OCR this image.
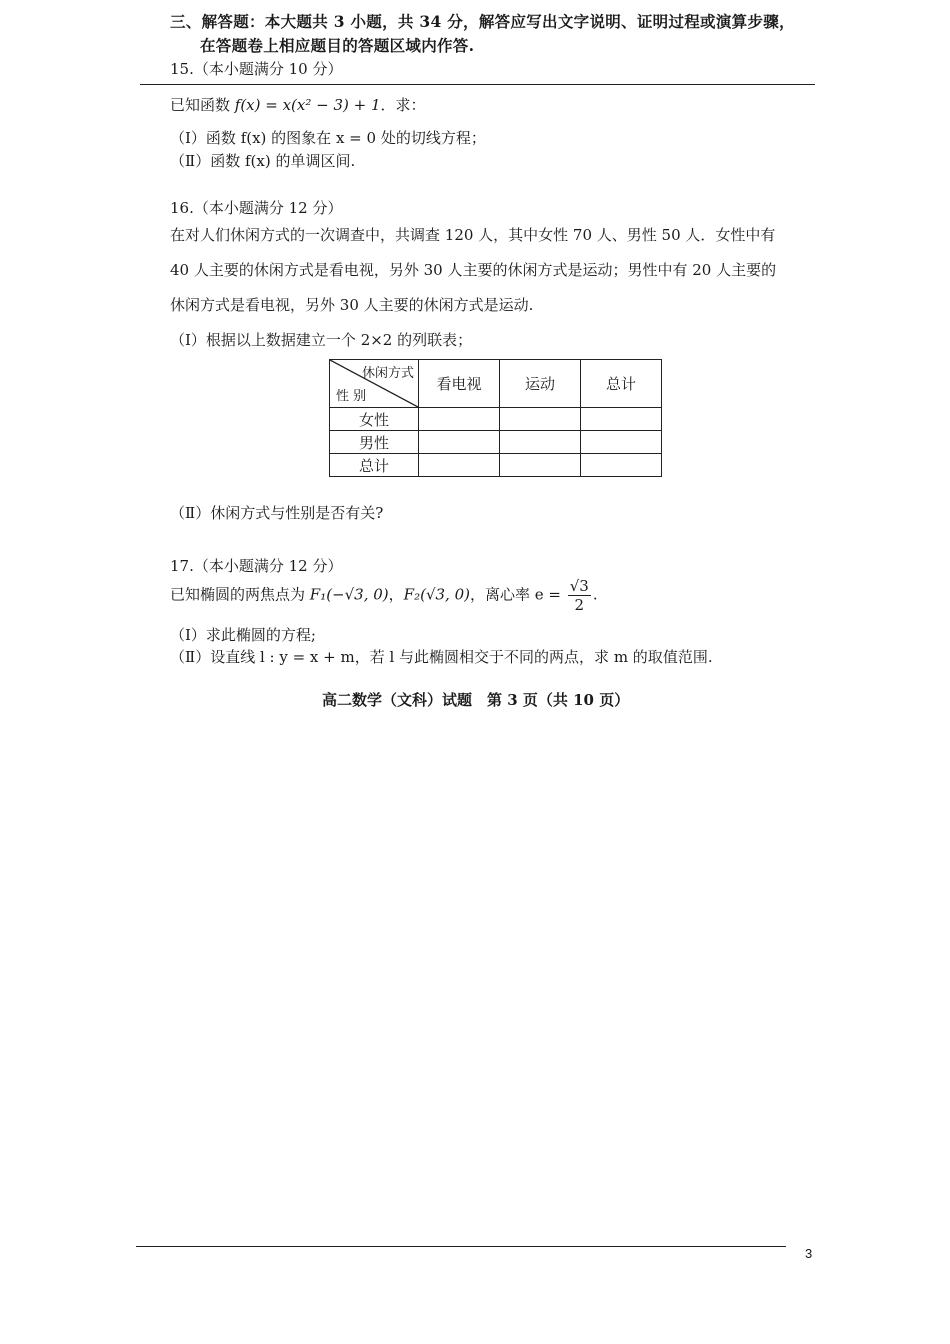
三、解答题：本大题共 3 小题，共 34 分，解答应写出文字说明、证明过程或演算步骤，
在答题卷上相应题目的答题区域内作答.
15.（本小题满分 10 分）
已知函数 f(x) = x(x² − 3) + 1．求：
（Ⅰ）函数 f(x) 的图象在 x = 0 处的切线方程；
（Ⅱ）函数 f(x) 的单调区间.
16.（本小题满分 12 分）
在对人们休闲方式的一次调查中，共调查 120 人，其中女性 70 人、男性 50 人．女性中有
40 人主要的休闲方式是看电视，另外 30 人主要的休闲方式是运动；男性中有 20 人主要的
休闲方式是看电视，另外 30 人主要的休闲方式是运动.
（Ⅰ）根据以上数据建立一个 2×2 的列联表；
休闲方式
性 别	看电视	运动	总计
女性			
男性			
总计			
（Ⅱ）休闲方式与性别是否有关?
17.（本小题满分 12 分）
已知椭圆的两焦点为 F₁(−√3, 0)，F₂(√3, 0)，离心率 $e = \frac{√3}{2}$ .
（Ⅰ）求此椭圆的方程;
（Ⅱ）设直线 l : y = x + m，若 l 与此椭圆相交于不同的两点，求 m 的取值范围.
高二数学（文科）试题　第 3 页（共 10 页）
3
